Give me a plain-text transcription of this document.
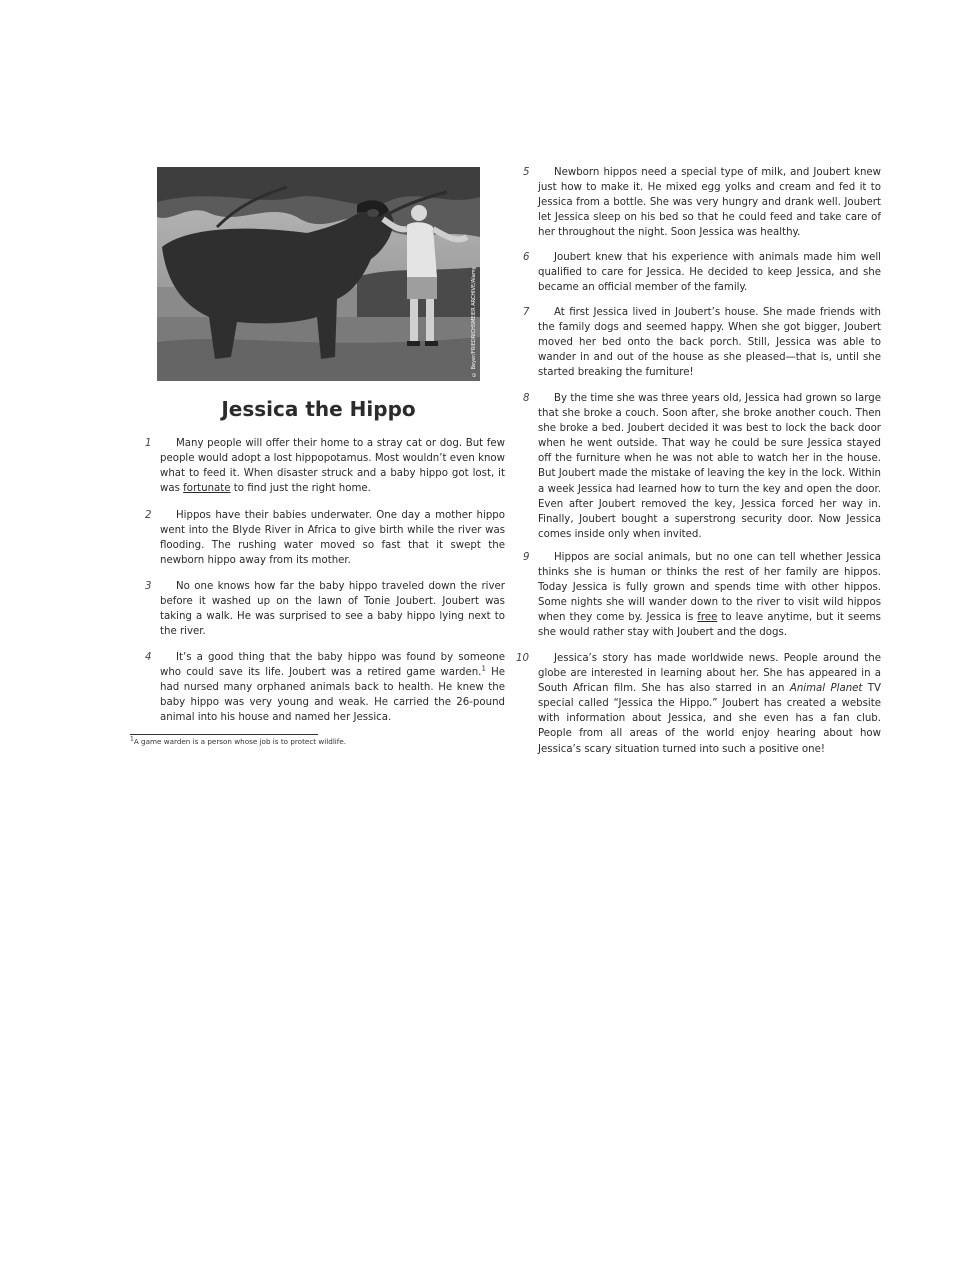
© Beyer/FRIEDRICHSMEIER ARCHIVE/Alamy
Jessica the Hippo
1	Many people will offer their home to a stray cat or dog. But few people would adopt a lost hippopotamus. Most wouldn’t even know what to feed it. When disaster struck and a baby hippo got lost, it was fortunate to find just the right home.
2	Hippos have their babies underwater. One day a mother hippo went into the Blyde River in Africa to give birth while the river was flooding. The rushing water moved so fast that it swept the newborn hippo away from its mother.
3	No one knows how far the baby hippo traveled down the river before it washed up on the lawn of Tonie Joubert. Joubert was taking a walk. He was surprised to see a baby hippo lying next to the river.
4	It’s a good thing that the baby hippo was found by someone who could save its life. Joubert was a retired game warden.$^1$ He had nursed many orphaned animals back to health. He knew the baby hippo was very young and weak. He carried the 26-pound animal into his house and named her Jessica.
$^1$A game warden is a person whose job is to protect wildlife.
5	Newborn hippos need a special type of milk, and Joubert knew just how to make it. He mixed egg yolks and cream and fed it to Jessica from a bottle. She was very hungry and drank well. Joubert let Jessica sleep on his bed so that he could feed and take care of her throughout the night. Soon Jessica was healthy.
6	Joubert knew that his experience with animals made him well qualified to care for Jessica. He decided to keep Jessica, and she became an official member of the family.
7	At first Jessica lived in Joubert’s house. She made friends with the family dogs and seemed happy. When she got bigger, Joubert moved her bed onto the back porch. Still, Jessica was able to wander in and out of the house as she pleased—that is, until she started breaking the furniture!
8	By the time she was three years old, Jessica had grown so large that she broke a couch. Soon after, she broke another couch. Then she broke a bed. Joubert decided it was best to lock the back door when he went outside. That way he could be sure Jessica stayed off the furniture when he was not able to watch her in the house. But Joubert made the mistake of leaving the key in the lock. Within a week Jessica had learned how to turn the key and open the door. Even after Joubert removed the key, Jessica forced her way in. Finally, Joubert bought a superstrong security door. Now Jessica comes inside only when invited.
9	Hippos are social animals, but no one can tell whether Jessica thinks she is human or thinks the rest of her family are hippos. Today Jessica is fully grown and spends time with other hippos. Some nights she will wander down to the river to visit wild hippos when they come by. Jessica is free to leave anytime, but it seems she would rather stay with Joubert and the dogs.
10	Jessica’s story has made worldwide news. People around the globe are interested in learning about her. She has appeared in a South African film. She has also starred in an Animal Planet TV special called “Jessica the Hippo.” Joubert has created a website with information about Jessica, and she even has a fan club. People from all areas of the world enjoy hearing about how Jessica’s scary situation turned into such a positive one!
